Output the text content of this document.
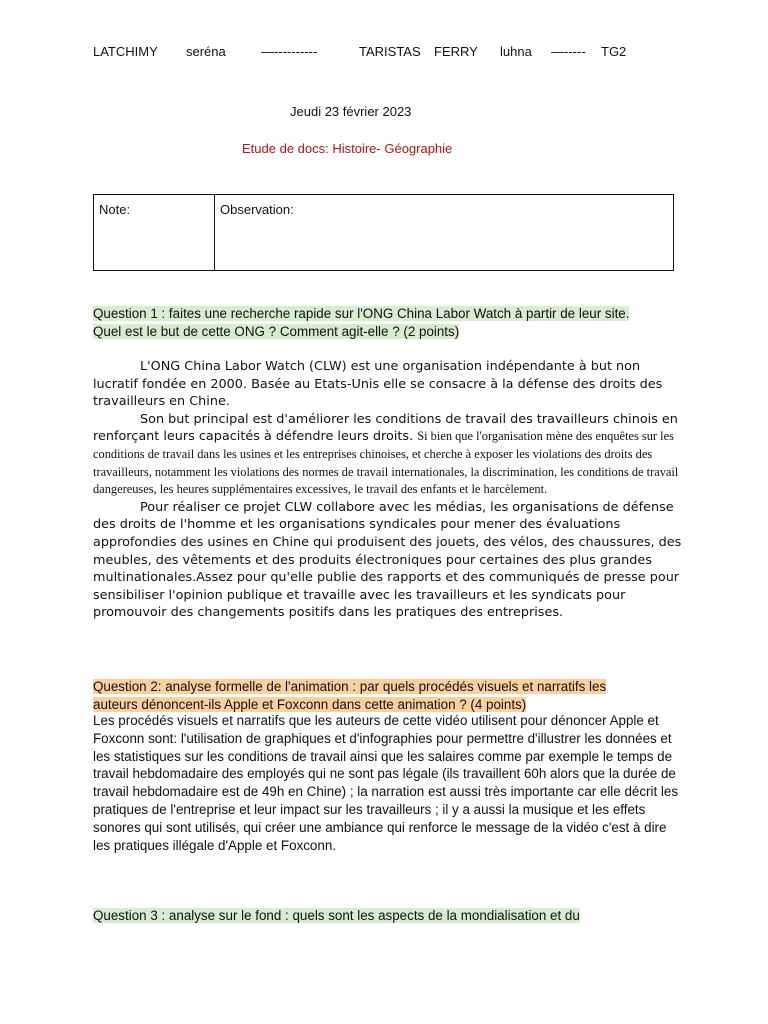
LATCHIMY seréna	—----------	TARISTAS FERRY luhna —----- TG2
Jeudi 23 février 2023
Etude de docs: Histoire- Géographie
Note:	Observation:
Question 1 : faites une recherche rapide sur l'ONG China Labor Watch à partir de leur site.
Quel est le but de cette ONG ? Comment agit-elle ? (2 points)

L'ONG China Labor Watch (CLW) est une organisation indépendante à but non lucratif fondée en 2000. Basée au Etats-Unis elle se consacre à la défense des droits des travailleurs en Chine.

Son but principal est d'améliorer les conditions de travail des travailleurs chinois en renforçant leurs capacités à défendre leurs droits. Si bien que l'organisation mène des enquêtes sur les conditions de travail dans les usines et les entreprises chinoises, et cherche à exposer les violations des droits des travailleurs, notamment les violations des normes de travail internationales, la discrimination, les conditions de travail dangereuses, les heures supplémentaires excessives, le travail des enfants et le harcèlement.

Pour réaliser ce projet CLW collabore avec les médias, les organisations de défense des droits de l'homme et les organisations syndicales pour mener des évaluations approfondies des usines en Chine qui produisent des jouets, des vélos, des chaussures, des meubles, des vêtements et des produits électroniques pour certaines des plus grandes multinationales.Assez pour qu'elle publie des rapports et des communiqués de presse pour sensibiliser l'opinion publique et travaille avec les travailleurs et les syndicats pour promouvoir des changements positifs dans les pratiques des entreprises.

Question 2: analyse formelle de l'animation : par quels procédés visuels et narratifs les
auteurs dénoncent-ils Apple et Foxconn dans cette animation ? (4 points)
Les procédés visuels et narratifs que les auteurs de cette vidéo utilisent pour dénoncer Apple et Foxconn sont: l'utilisation de graphiques et d'infographies pour permettre d'illustrer les données et les statistiques sur les conditions de travail ainsi que les salaires comme par exemple le temps de travail hebdomadaire des employés qui ne sont pas légale (ils travaillent 60h alors que la durée de travail hebdomadaire est de 49h en Chine) ; la narration est aussi très importante car elle décrit les pratiques de l'entreprise et leur impact sur les travailleurs ; il y a aussi la musique et les effets sonores qui sont utilisés, qui créer une ambiance qui renforce le message de la vidéo c'est à dire les pratiques illégale d'Apple et Foxconn.
Question 3 : analyse sur le fond : quels sont les aspects de la mondialisation et du
